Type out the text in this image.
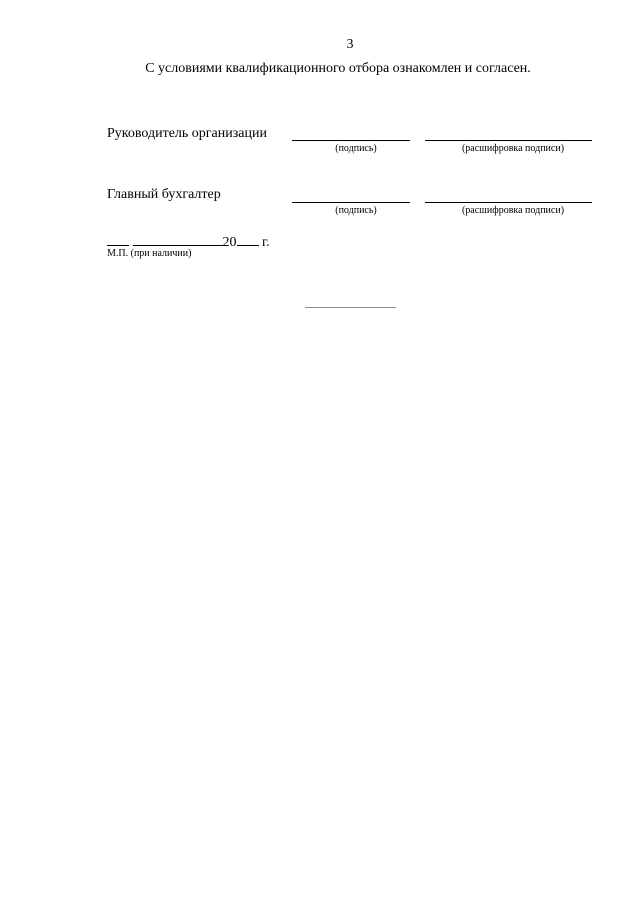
3
С условиями квалификационного отбора ознакомлен и согласен.
Руководитель организации
(подпись)	(расшифровка подписи)
Главный бухгалтер
(подпись)	(расшифровка подписи)
20 г.
М.П. (при наличии)
